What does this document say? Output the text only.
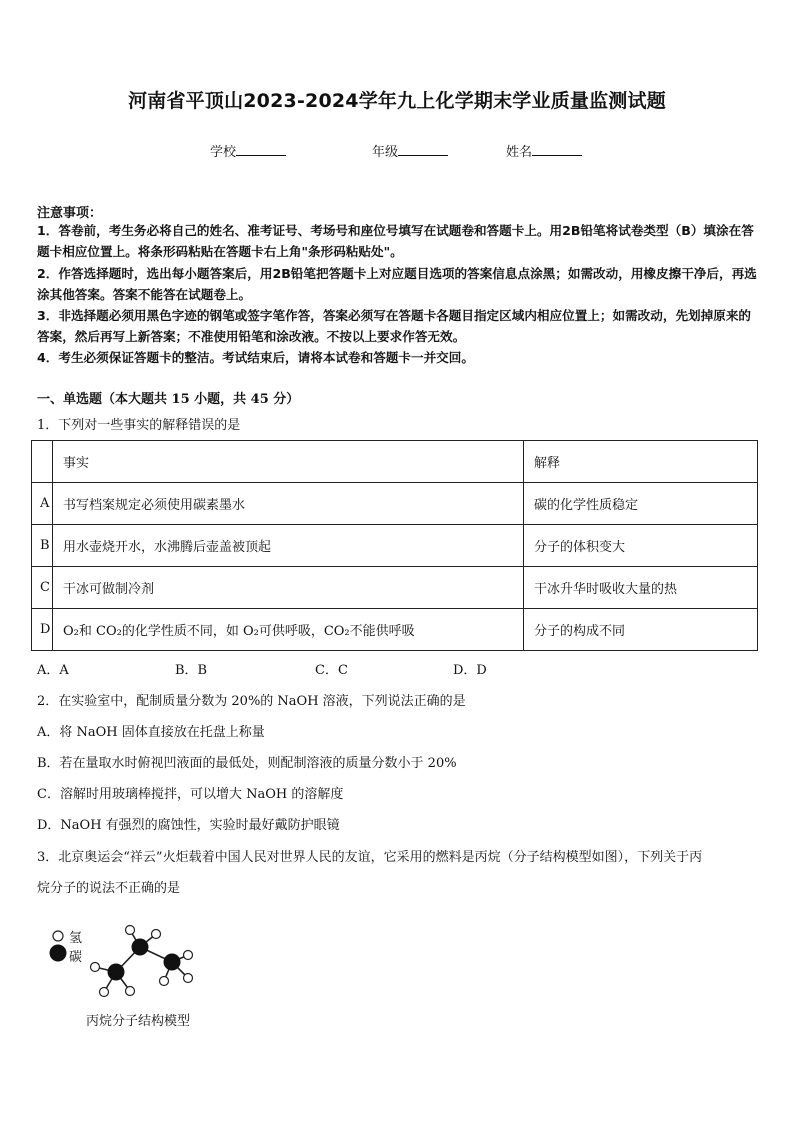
河南省平顶山2023-2024学年九上化学期末学业质量监测试题
学校	年级	姓名
注意事项：
1．答卷前，考生务必将自己的姓名、准考证号、考场号和座位号填写在试题卷和答题卡上。用2B铅笔将试卷类型（B）填涂在答题卡相应位置上。将条形码粘贴在答题卡右上角"条形码粘贴处"。
2．作答选择题时，选出每小题答案后，用2B铅笔把答题卡上对应题目选项的答案信息点涂黑；如需改动，用橡皮擦干净后，再选涂其他答案。答案不能答在试题卷上。
3．非选择题必须用黑色字迹的钢笔或签字笔作答，答案必须写在答题卡各题目指定区域内相应位置上；如需改动，先划掉原来的答案，然后再写上新答案；不准使用铅笔和涂改液。不按以上要求作答无效。
4．考生必须保证答题卡的整洁。考试结束后，请将本试卷和答题卡一并交回。
一、单选题（本大题共 15 小题，共 45 分）
1．下列对一些事实的解释错误的是
	事实	解释
A	书写档案规定必须使用碳素墨水	碳的化学性质稳定
B	用水壶烧开水，水沸腾后壶盖被顶起	分子的体积变大
C	干冰可做制冷剂	干冰升华时吸收大量的热
D	O₂和 CO₂的化学性质不同，如 O₂可供呼吸，CO₂不能供呼吸	分子的构成不同
A．A	B．B	C．C	D．D
2．在实验室中，配制质量分数为 20%的 NaOH 溶液，下列说法正确的是
A．将 NaOH 固体直接放在托盘上称量
B．若在量取水时俯视凹液面的最低处，则配制溶液的质量分数小于 20%
C．溶解时用玻璃棒搅拌，可以增大 NaOH 的溶解度
D．NaOH 有强烈的腐蚀性，实验时最好戴防护眼镜
3．北京奥运会“祥云”火炬载着中国人民对世界人民的友谊，它采用的燃料是丙烷（分子结构模型如图），下列关于丙
烷分子的说法不正确的是
氢
碳
丙烷分子结构模型
